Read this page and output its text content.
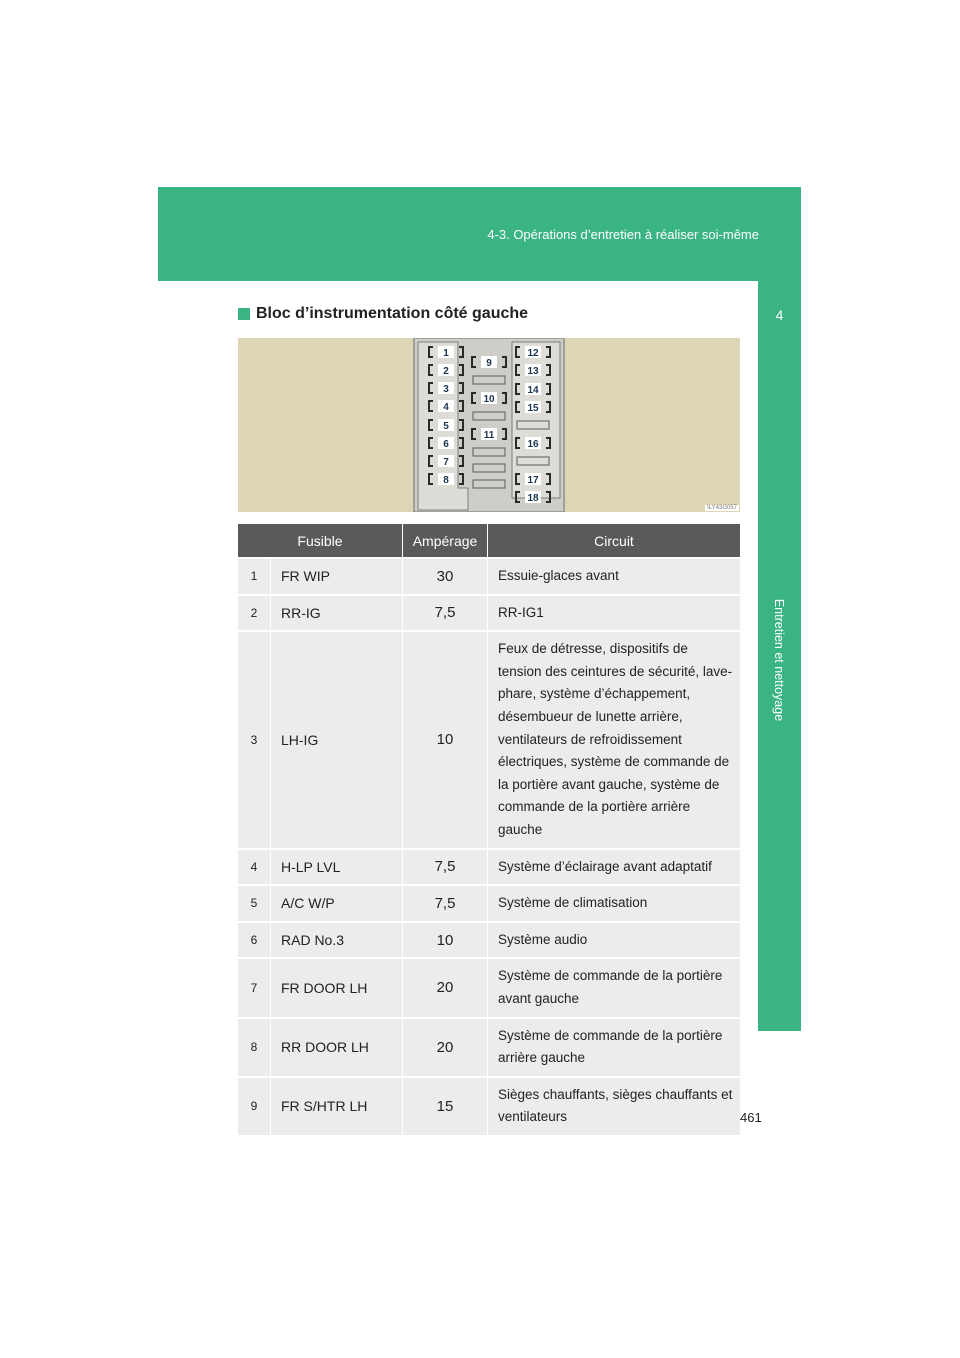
4-3. Opérations d’entretien à réaliser soi-même
4
Entretien et nettoyage
Bloc d’instrumentation côté gauche
1
2
3
4
5
6
7
8
9
10
11
12
13
14
15
16
17
18
ILY43G057
Fusible		Ampérage	Circuit
1	FR WIP	30	Essuie-glaces avant
2	RR-IG	7,5	RR-IG1
3	LH-IG	10	Feux de détresse, dispositifs de tension des ceintures de sécurité, lave-phare, système d’échappement, désembueur de lunette arrière, ventilateurs de refroidissement électriques, système de commande de la portière avant gauche, système de commande de la portière arrière gauche
4	H-LP LVL	7,5	Système d’éclairage avant adaptatif
5	A/C W/P	7,5	Système de climatisation
6	RAD No.3	10	Système audio
7	FR DOOR LH	20	Système de commande de la portière avant gauche
8	RR DOOR LH	20	Système de commande de la portière arrière gauche
9	FR S/HTR LH	15	Sièges chauffants, sièges chauffants et ventilateurs	461
